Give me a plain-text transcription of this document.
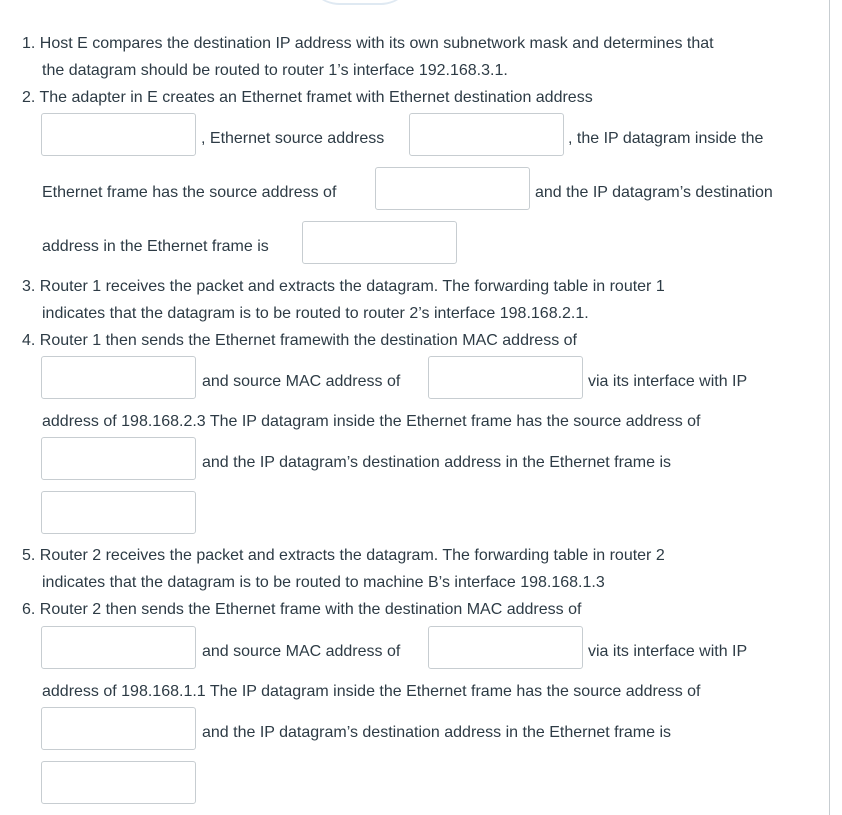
1. Host E compares the destination IP address with its own subnetwork mask and determines that
the datagram should be routed to router 1’s interface 192.168.3.1.
2. The adapter in E creates an Ethernet framet with Ethernet destination address
, Ethernet source address	, the IP datagram inside the
Ethernet frame has the source address of	and the IP datagram’s destination
address in the Ethernet frame is
3. Router 1 receives the packet and extracts the datagram. The forwarding table in router 1
indicates that the datagram is to be routed to router 2’s interface 198.168.2.1.
4. Router 1 then sends the Ethernet framewith the destination MAC address of
and source MAC address of	via its interface with IP
address of 198.168.2.3 The IP datagram inside the Ethernet frame has the source address of
and the IP datagram’s destination address in the Ethernet frame is
5. Router 2 receives the packet and extracts the datagram. The forwarding table in router 2
indicates that the datagram is to be routed to machine B’s interface 198.168.1.3
6. Router 2 then sends the Ethernet frame with the destination MAC address of
and source MAC address of	via its interface with IP
address of 198.168.1.1 The IP datagram inside the Ethernet frame has the source address of
and the IP datagram’s destination address in the Ethernet frame is
